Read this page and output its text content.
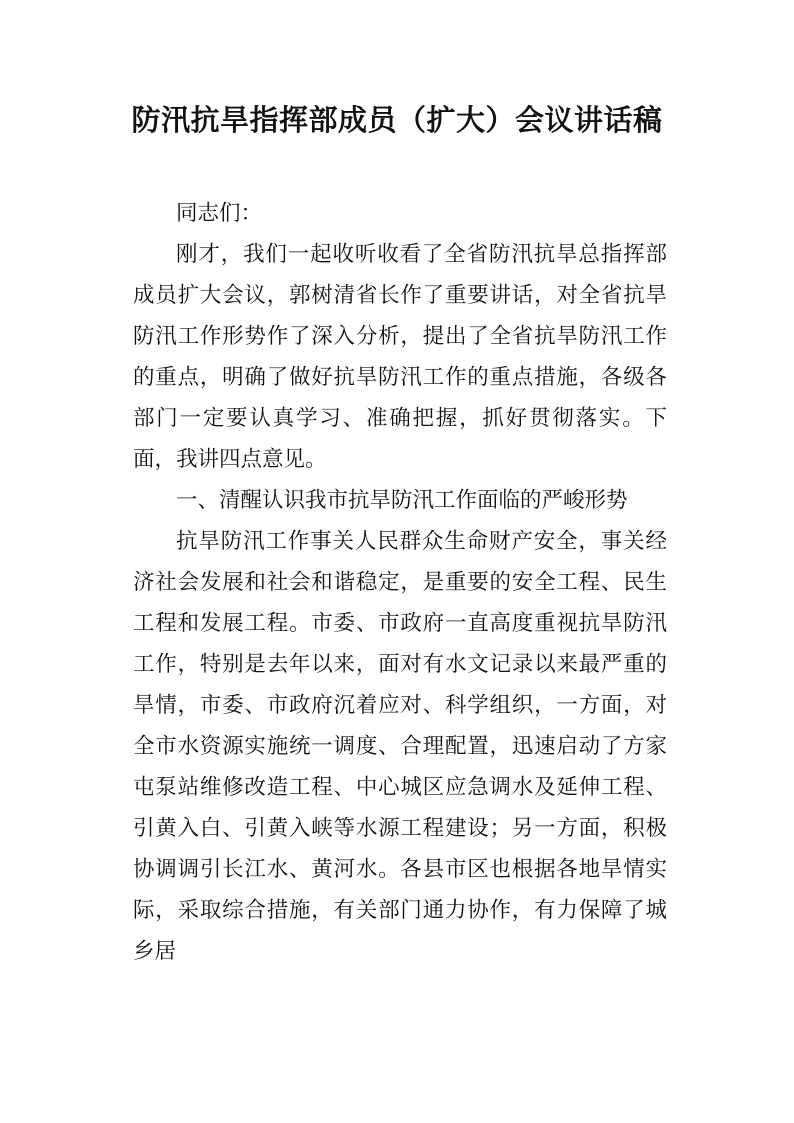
防汛抗旱指挥部成员（扩大）会议讲话稿

同志们：

刚才，我们一起收听收看了全省防汛抗旱总指挥部成员扩大会议，郭树清省长作了重要讲话，对全省抗旱防汛工作形势作了深入分析，提出了全省抗旱防汛工作的重点，明确了做好抗旱防汛工作的重点措施，各级各部门一定要认真学习、准确把握，抓好贯彻落实。下面，我讲四点意见。

一、清醒认识我市抗旱防汛工作面临的严峻形势

抗旱防汛工作事关人民群众生命财产安全，事关经济社会发展和社会和谐稳定，是重要的安全工程、民生工程和发展工程。市委、市政府一直高度重视抗旱防汛工作，特别是去年以来，面对有水文记录以来最严重的旱情，市委、市政府沉着应对、科学组织，一方面，对全市水资源实施统一调度、合理配置，迅速启动了方家屯泵站维修改造工程、中心城区应急调水及延伸工程、引黄入白、引黄入峡等水源工程建设；另一方面，积极协调调引长江水、黄河水。各县市区也根据各地旱情实际，采取综合措施，有关部门通力协作，有力保障了城乡居
